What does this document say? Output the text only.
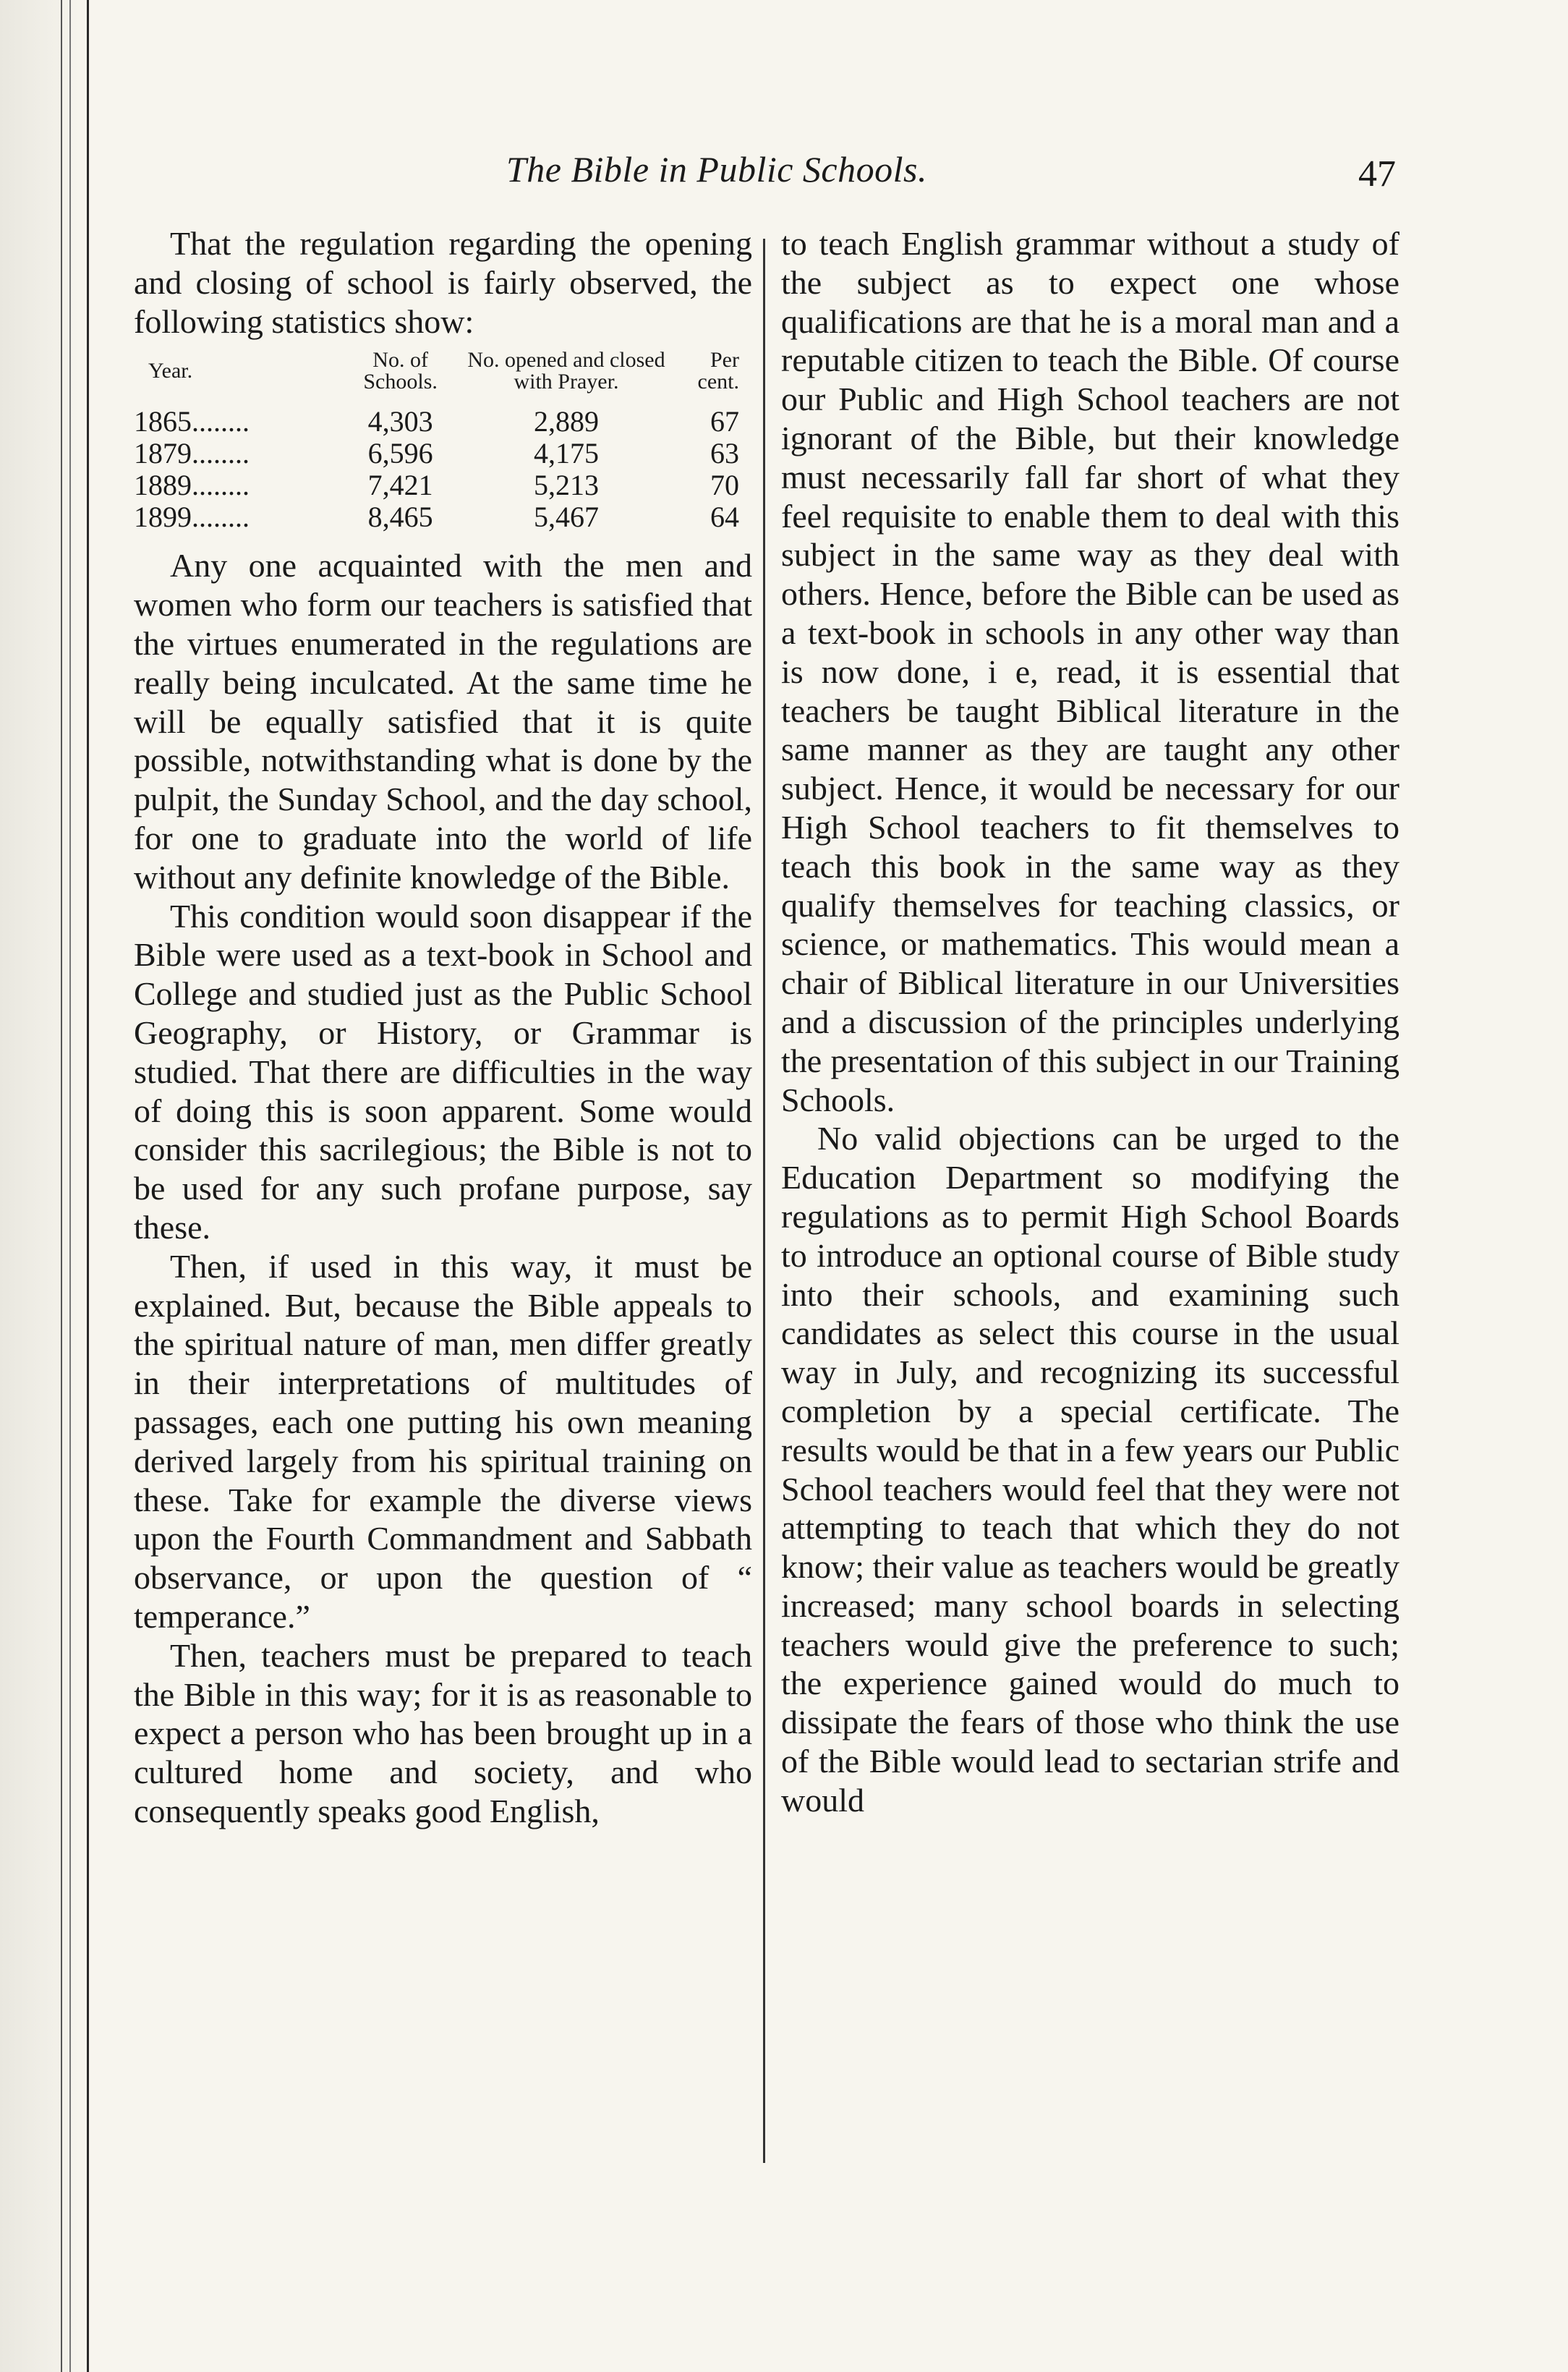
The Bible in Public Schools.	47

That the regulation regarding the opening and closing of school is fairly observed, the following statistics show:

Year.	No. of Schools.	No. opened and closed with Prayer.	Per cent.
1865........	4,303	2,889	67
1879........	6,596	4,175	63
1889........	7,421	5,213	70
1899........	8,465	5,467	64

Any one acquainted with the men and women who form our teachers is satisfied that the virtues enumerated in the regulations are really being inculcated. At the same time he will be equally satisfied that it is quite possible, notwithstanding what is done by the pulpit, the Sunday School, and the day school, for one to graduate into the world of life without any definite knowledge of the Bible.

This condition would soon disappear if the Bible were used as a text-book in School and College and studied just as the Public School Geography, or History, or Grammar is studied. That there are difficulties in the way of doing this is soon apparent. Some would consider this sacrilegious; the Bible is not to be used for any such profane purpose, say these.

Then, if used in this way, it must be explained. But, because the Bible appeals to the spiritual nature of man, men differ greatly in their interpretations of multitudes of passages, each one putting his own meaning derived largely from his spiritual training on these. Take for example the diverse views upon the Fourth Commandment and Sabbath observance, or upon the question of “ temperance.”

Then, teachers must be prepared to teach the Bible in this way; for it is as reasonable to expect a person who has been brought up in a cultured home and society, and who consequently speaks good English,

to teach English grammar without a study of the subject as to expect one whose qualifications are that he is a moral man and a reputable citizen to teach the Bible. Of course our Public and High School teachers are not ignorant of the Bible, but their knowledge must necessarily fall far short of what they feel requisite to enable them to deal with this subject in the same way as they deal with others. Hence, before the Bible can be used as a text-book in schools in any other way than is now done, i e, read, it is essential that teachers be taught Biblical literature in the same manner as they are taught any other subject. Hence, it would be necessary for our High School teachers to fit themselves to teach this book in the same way as they qualify themselves for teaching classics, or science, or mathematics. This would mean a chair of Biblical literature in our Universities and a discussion of the principles underlying the presentation of this subject in our Training Schools.

No valid objections can be urged to the Education Department so modifying the regulations as to permit High School Boards to introduce an optional course of Bible study into their schools, and examining such candidates as select this course in the usual way in July, and recognizing its successful completion by a special certificate. The results would be that in a few years our Public School teachers would feel that they were not attempting to teach that which they do not know; their value as teachers would be greatly increased; many school boards in selecting teachers would give the preference to such; the experience gained would do much to dissipate the fears of those who think the use of the Bible would lead to sectarian strife and would
